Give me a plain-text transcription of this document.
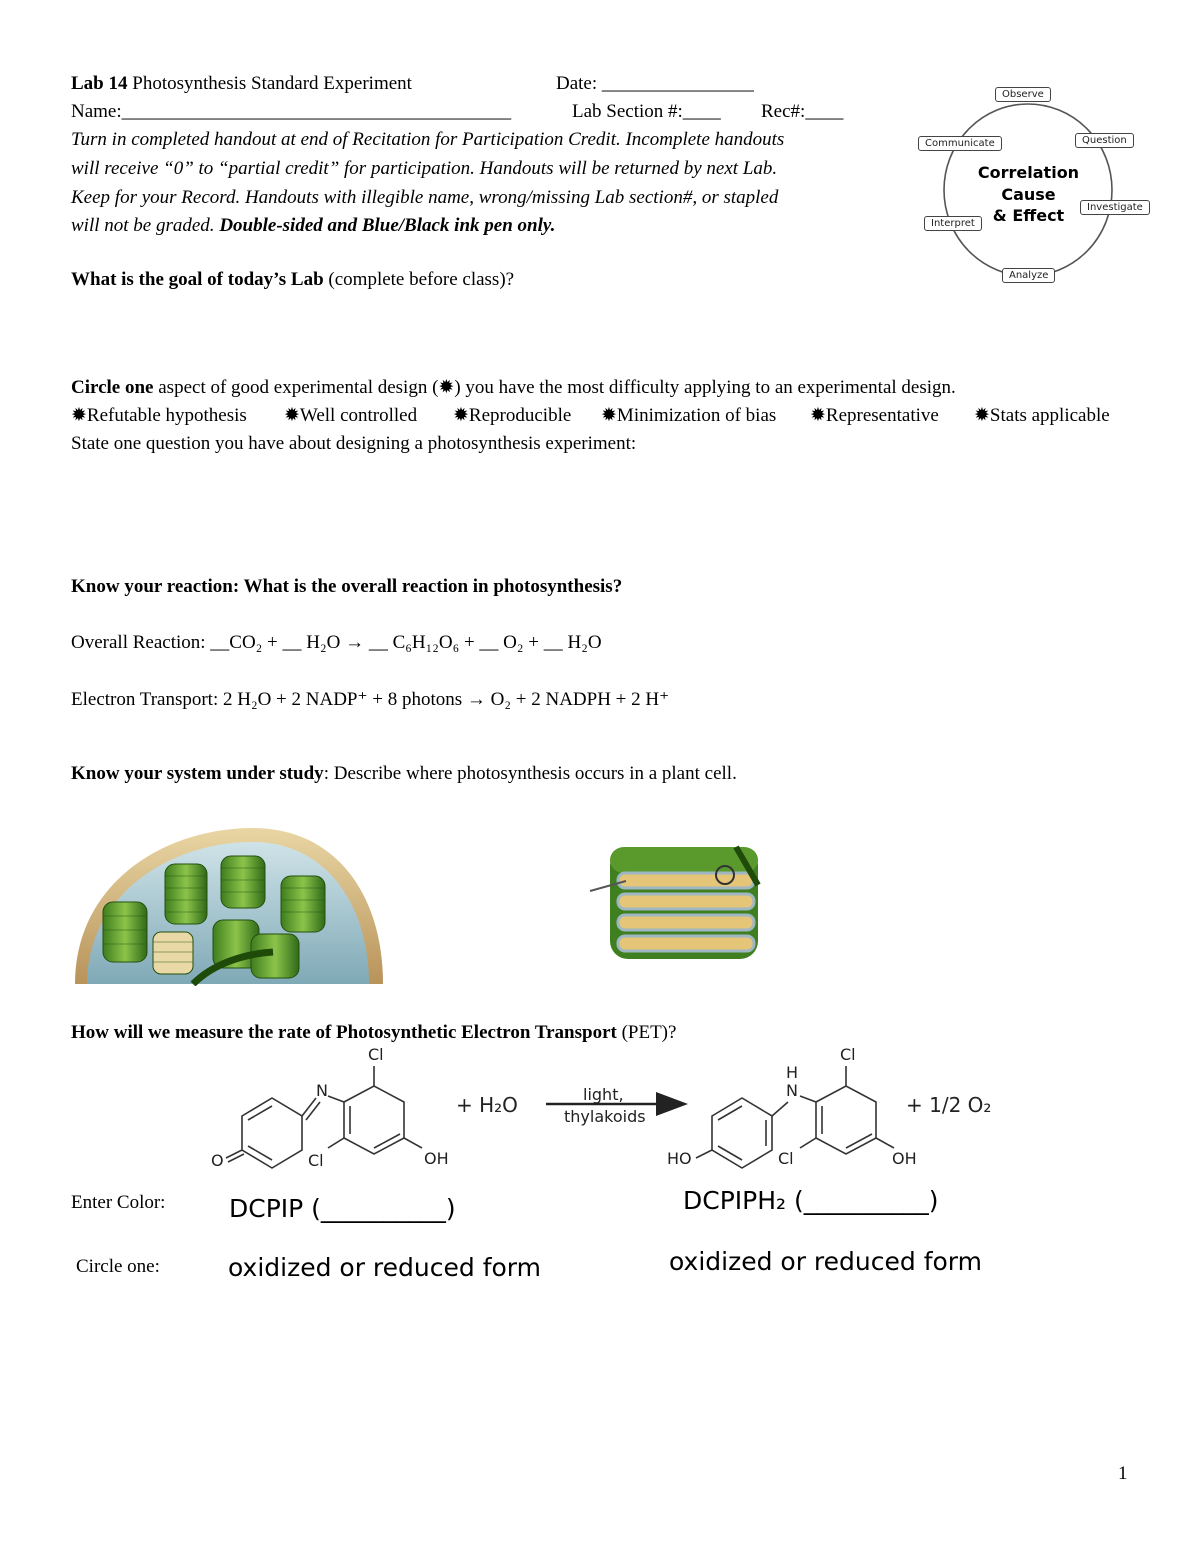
Lab 14 Photosynthesis Standard Experiment	Date: ________________
Name:_________________________________________	Lab Section #:____ Rec#:____
Turn in completed handout at end of Recitation for Participation Credit. Incomplete handouts
will receive “0” to “partial credit” for participation. Handouts will be returned by next Lab.
Keep for your Record. Handouts with illegible name, wrong/missing Lab section#, or stapled
will not be graded. Double-sided and Blue/Black ink pen only.
Observe
Question
Investigate
Analyze
Interpret
Communicate
Correlation
Cause
& Effect
What is the goal of today’s Lab (complete before class)?
Circle one aspect of good experimental design (✹) you have the most difficulty applying to an experimental design.
✹Refutable hypothesis ✹Well controlled ✹Reproducible ✹Minimization of bias ✹Representative ✹Stats applicable
State one question you have about designing a photosynthesis experiment:
Know your reaction: What is the overall reaction in photosynthesis?
Overall Reaction: __CO₂ + __ H₂O → __ C₆H₁₂O₆ + __ O₂ + __ H₂O
Electron Transport: 2 H₂O + 2 NADP⁺ + 8 photons → O₂ + 2 NADPH + 2 H⁺
Know your system under study: Describe where photosynthesis occurs in a plant cell.
How will we measure the rate of Photosynthetic Electron Transport (PET)?
O
N
Cl
Cl	OH
+ H₂O	light,
thylakoids
HO
H
N
Cl
Cl	OH
+ 1/2 O₂
Enter Color:	DCPIP (__________)	DCPIPH₂ (__________)
Circle one:	oxidized or reduced form	oxidized or reduced form
1
